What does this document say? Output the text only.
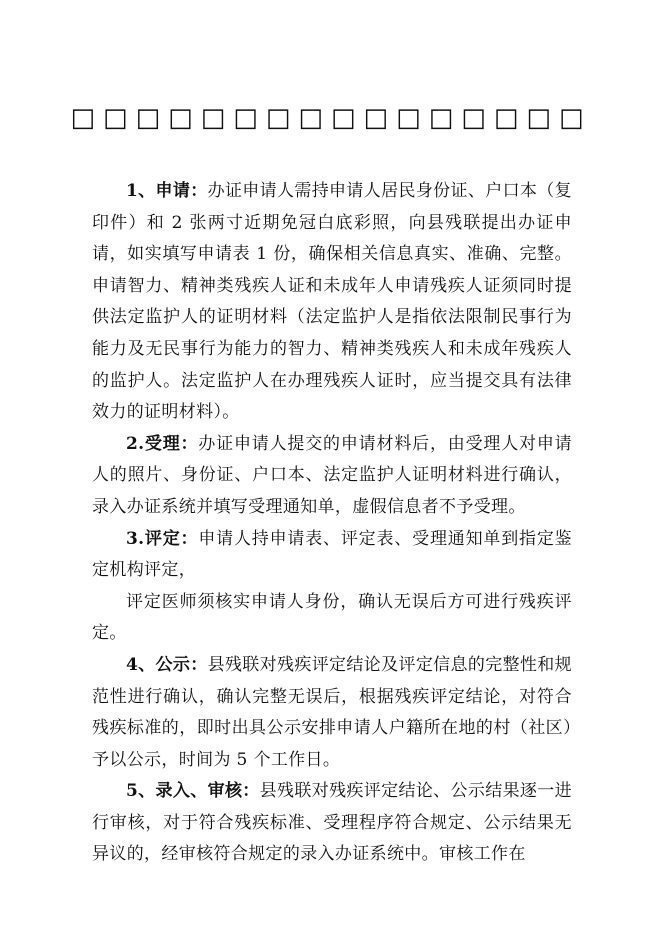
□□□□□□□□□□□□□□□□

1、申请：办证申请人需持申请人居民身份证、户口本（复印件）和 2 张两寸近期免冠白底彩照，向县残联提出办证申请，如实填写申请表 1 份，确保相关信息真实、准确、完整。申请智力、精神类残疾人证和未成年人申请残疾人证须同时提供法定监护人的证明材料（法定监护人是指依法限制民事行为能力及无民事行为能力的智力、精神类残疾人和未成年残疾人的监护人。法定监护人在办理残疾人证时，应当提交具有法律效力的证明材料）。

2.受理：办证申请人提交的申请材料后，由受理人对申请人的照片、身份证、户口本、法定监护人证明材料进行确认，录入办证系统并填写受理通知单，虚假信息者不予受理。

3.评定：申请人持申请表、评定表、受理通知单到指定鉴定机构评定，

评定医师须核实申请人身份，确认无误后方可进行残疾评定。

4、公示：县残联对残疾评定结论及评定信息的完整性和规范性进行确认，确认完整无误后，根据残疾评定结论，对符合残疾标准的，即时出具公示安排申请人户籍所在地的村（社区）予以公示，时间为 5 个工作日。

5、录入、审核：县残联对残疾评定结论、公示结果逐一进行审核，对于符合残疾标准、受理程序符合规定、公示结果无异议的，经审核符合规定的录入办证系统中。审核工作在
